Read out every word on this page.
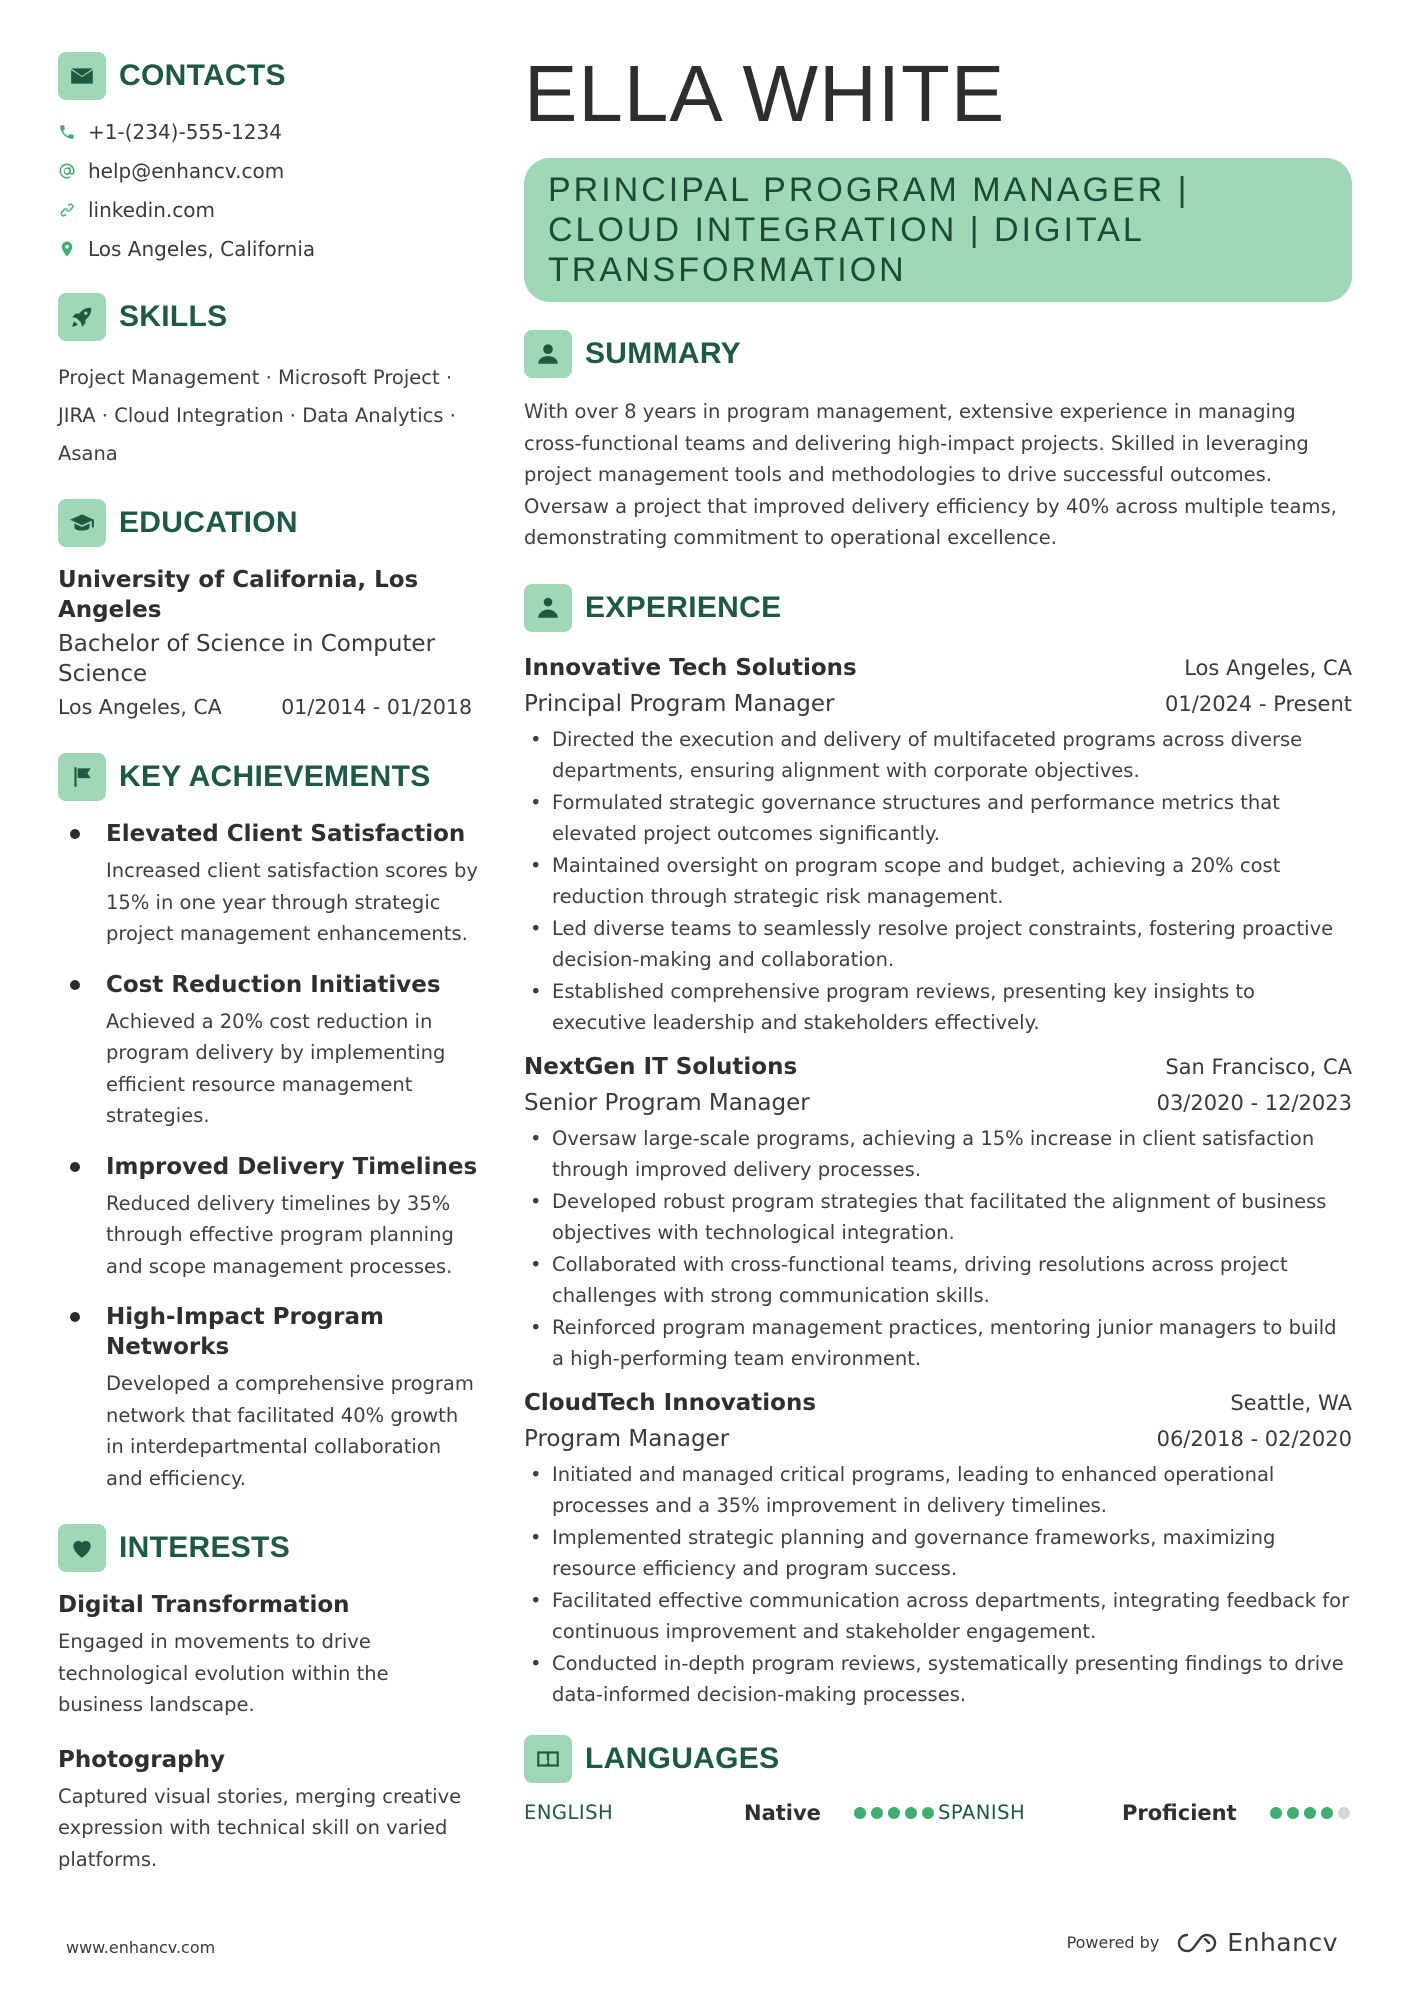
CONTACTS
+1-(234)-555-1234
help@enhancv.com
linkedin.com
Los Angeles, California
SKILLS
Project Management · Microsoft Project ·
JIRA · Cloud Integration · Data Analytics ·
Asana
EDUCATION
University of California, Los Angeles
Bachelor of Science in Computer Science
Los Angeles, CA	01/2014 - 01/2018
KEY ACHIEVEMENTS
Elevated Client Satisfaction
Increased client satisfaction scores by 15% in one year through strategic project management enhancements.
Cost Reduction Initiatives
Achieved a 20% cost reduction in program delivery by implementing efficient resource management strategies.
Improved Delivery Timelines
Reduced delivery timelines by 35% through effective program planning and scope management processes.
High-Impact Program Networks
Developed a comprehensive program network that facilitated 40% growth in interdepartmental collaboration and efficiency.
INTERESTS
Digital Transformation
Engaged in movements to drive technological evolution within the business landscape.
Photography
Captured visual stories, merging creative expression with technical skill on varied platforms.
ELLA WHITE
PRINCIPAL PROGRAM MANAGER | CLOUD INTEGRATION | DIGITAL TRANSFORMATION
SUMMARY
With over 8 years in program management, extensive experience in managing cross-functional teams and delivering high-impact projects. Skilled in leveraging project management tools and methodologies to drive successful outcomes. Oversaw a project that improved delivery efficiency by 40% across multiple teams, demonstrating commitment to operational excellence.
EXPERIENCE
Innovative Tech Solutions	Los Angeles, CA
Principal Program Manager	01/2024 - Present
• Directed the execution and delivery of multifaceted programs across diverse departments, ensuring alignment with corporate objectives.
• Formulated strategic governance structures and performance metrics that elevated project outcomes significantly.
• Maintained oversight on program scope and budget, achieving a 20% cost reduction through strategic risk management.
• Led diverse teams to seamlessly resolve project constraints, fostering proactive decision-making and collaboration.
• Established comprehensive program reviews, presenting key insights to executive leadership and stakeholders effectively.
NextGen IT Solutions	San Francisco, CA
Senior Program Manager	03/2020 - 12/2023
• Oversaw large-scale programs, achieving a 15% increase in client satisfaction through improved delivery processes.
• Developed robust program strategies that facilitated the alignment of business objectives with technological integration.
• Collaborated with cross-functional teams, driving resolutions across project challenges with strong communication skills.
• Reinforced program management practices, mentoring junior managers to build a high-performing team environment.
CloudTech Innovations	Seattle, WA
Program Manager	06/2018 - 02/2020
• Initiated and managed critical programs, leading to enhanced operational processes and a 35% improvement in delivery timelines.
• Implemented strategic planning and governance frameworks, maximizing resource efficiency and program success.
• Facilitated effective communication across departments, integrating feedback for continuous improvement and stakeholder engagement.
• Conducted in-depth program reviews, systematically presenting findings to drive data-informed decision-making processes.
LANGUAGES
ENGLISH	Native	SPANISH	Proficient
www.enhancv.com	Powered by	Enhancv
